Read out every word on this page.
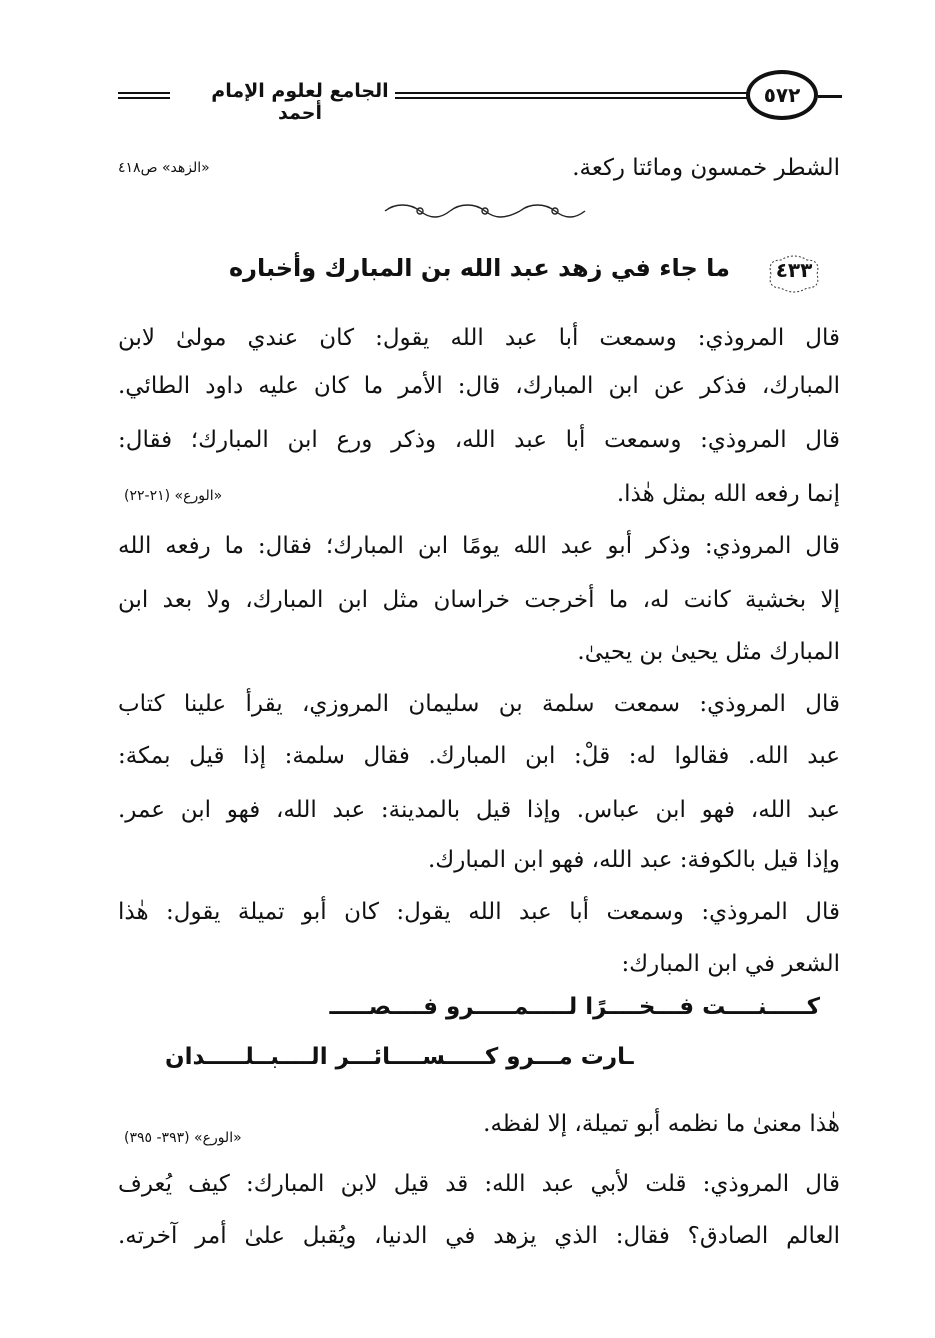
الجامع لعلوم الإمام أحمد
٥٧٢
الشطر خمسون ومائتا ركعة.
«الزهد» ص٤١٨
٤٣٣
ما جاء في زهد عبد الله بن المبارك وأخباره
قال المروذي: وسمعت أبا عبد الله يقول: كان عندي مولىٰ لابن
المبارك، فذكر عن ابن المبارك، قال: الأمر ما كان عليه داود الطائي.
قال المروذي: وسمعت أبا عبد الله، وذكر ورع ابن المبارك؛ فقال:
إنما رفعه الله بمثل هٰذا.
«الورع» (٢١-٢٢)
قال المروذي: وذكر أبو عبد الله يومًا ابن المبارك؛ فقال: ما رفعه الله
إلا بخشية كانت له، ما أخرجت خراسان مثل ابن المبارك، ولا بعد ابن
المبارك مثل يحيىٰ بن يحيىٰ.
قال المروذي: سمعت سلمة بن سليمان المروزي، يقرأ علينا كتاب
عبد الله. فقالوا له: قلْ: ابن المبارك. فقال سلمة: إذا قيل بمكة:
عبد الله، فهو ابن عباس. وإذا قيل بالمدينة: عبد الله، فهو ابن عمر.
وإذا قيل بالكوفة: عبد الله، فهو ابن المبارك.
قال المروذي: وسمعت أبا عبد الله يقول: كان أبو تميلة يقول: هٰذا
الشعر في ابن المبارك:
كـــــنــــت فـــخــــرًا لـــــمـــــرو فــــصـــــ
ـارت مـــرو كـــــســــائـــر الــــبــلـــــدان
هٰذا معنىٰ ما نظمه أبو تميلة، إلا لفظه.
«الورع» (٣٩٣- ٣٩٥)
قال المروذي: قلت لأبي عبد الله: قد قيل لابن المبارك: كيف يُعرف
العالم الصادق؟ فقال: الذي يزهد في الدنيا، ويُقبل علىٰ أمر آخرته.
